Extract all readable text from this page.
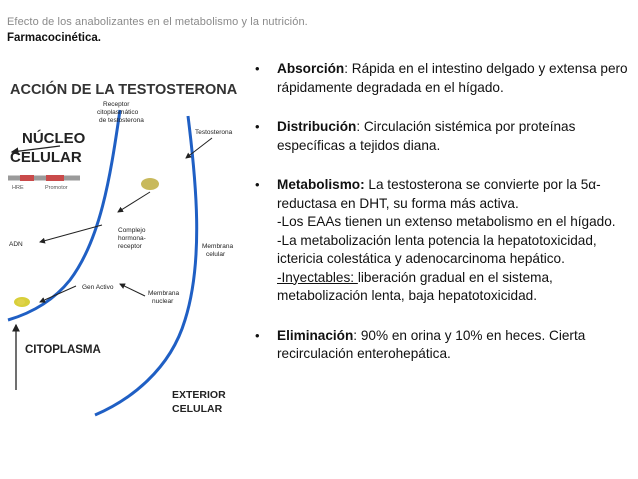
Efecto de los anabolizantes en el metabolismo y la nutrición.
Farmacocinética.
ACCIÓN DE LA TESTOSTERONA
Receptor citoplasmático de testosterona
Testosterona
NÚCLEO CELULAR
HRE	Promotor
ADN
Complejo hormona- receptor	Membrana celular
Gen Activo
Membrana nuclear
CITOPLASMA
EXTERIOR CELULAR
• Absorción: Rápida en el intestino delgado y extensa pero rápidamente degradada en el hígado.
• Distribución: Circulación sistémica por proteínas específicas a tejidos diana.
• Metabolismo: La testosterona se convierte por la 5α-reductasa en DHT, su forma más activa.
-Los EAAs tienen un extenso metabolismo en el hígado.
-La metabolización lenta potencia la hepatotoxicidad, ictericia colestática y adenocarcinoma hepático.
-Inyectables: liberación gradual en el sistema, metabolización lenta, baja hepatotoxicidad.
• Eliminación: 90% en orina y 10% en heces. Cierta recirculación enterohepática.
